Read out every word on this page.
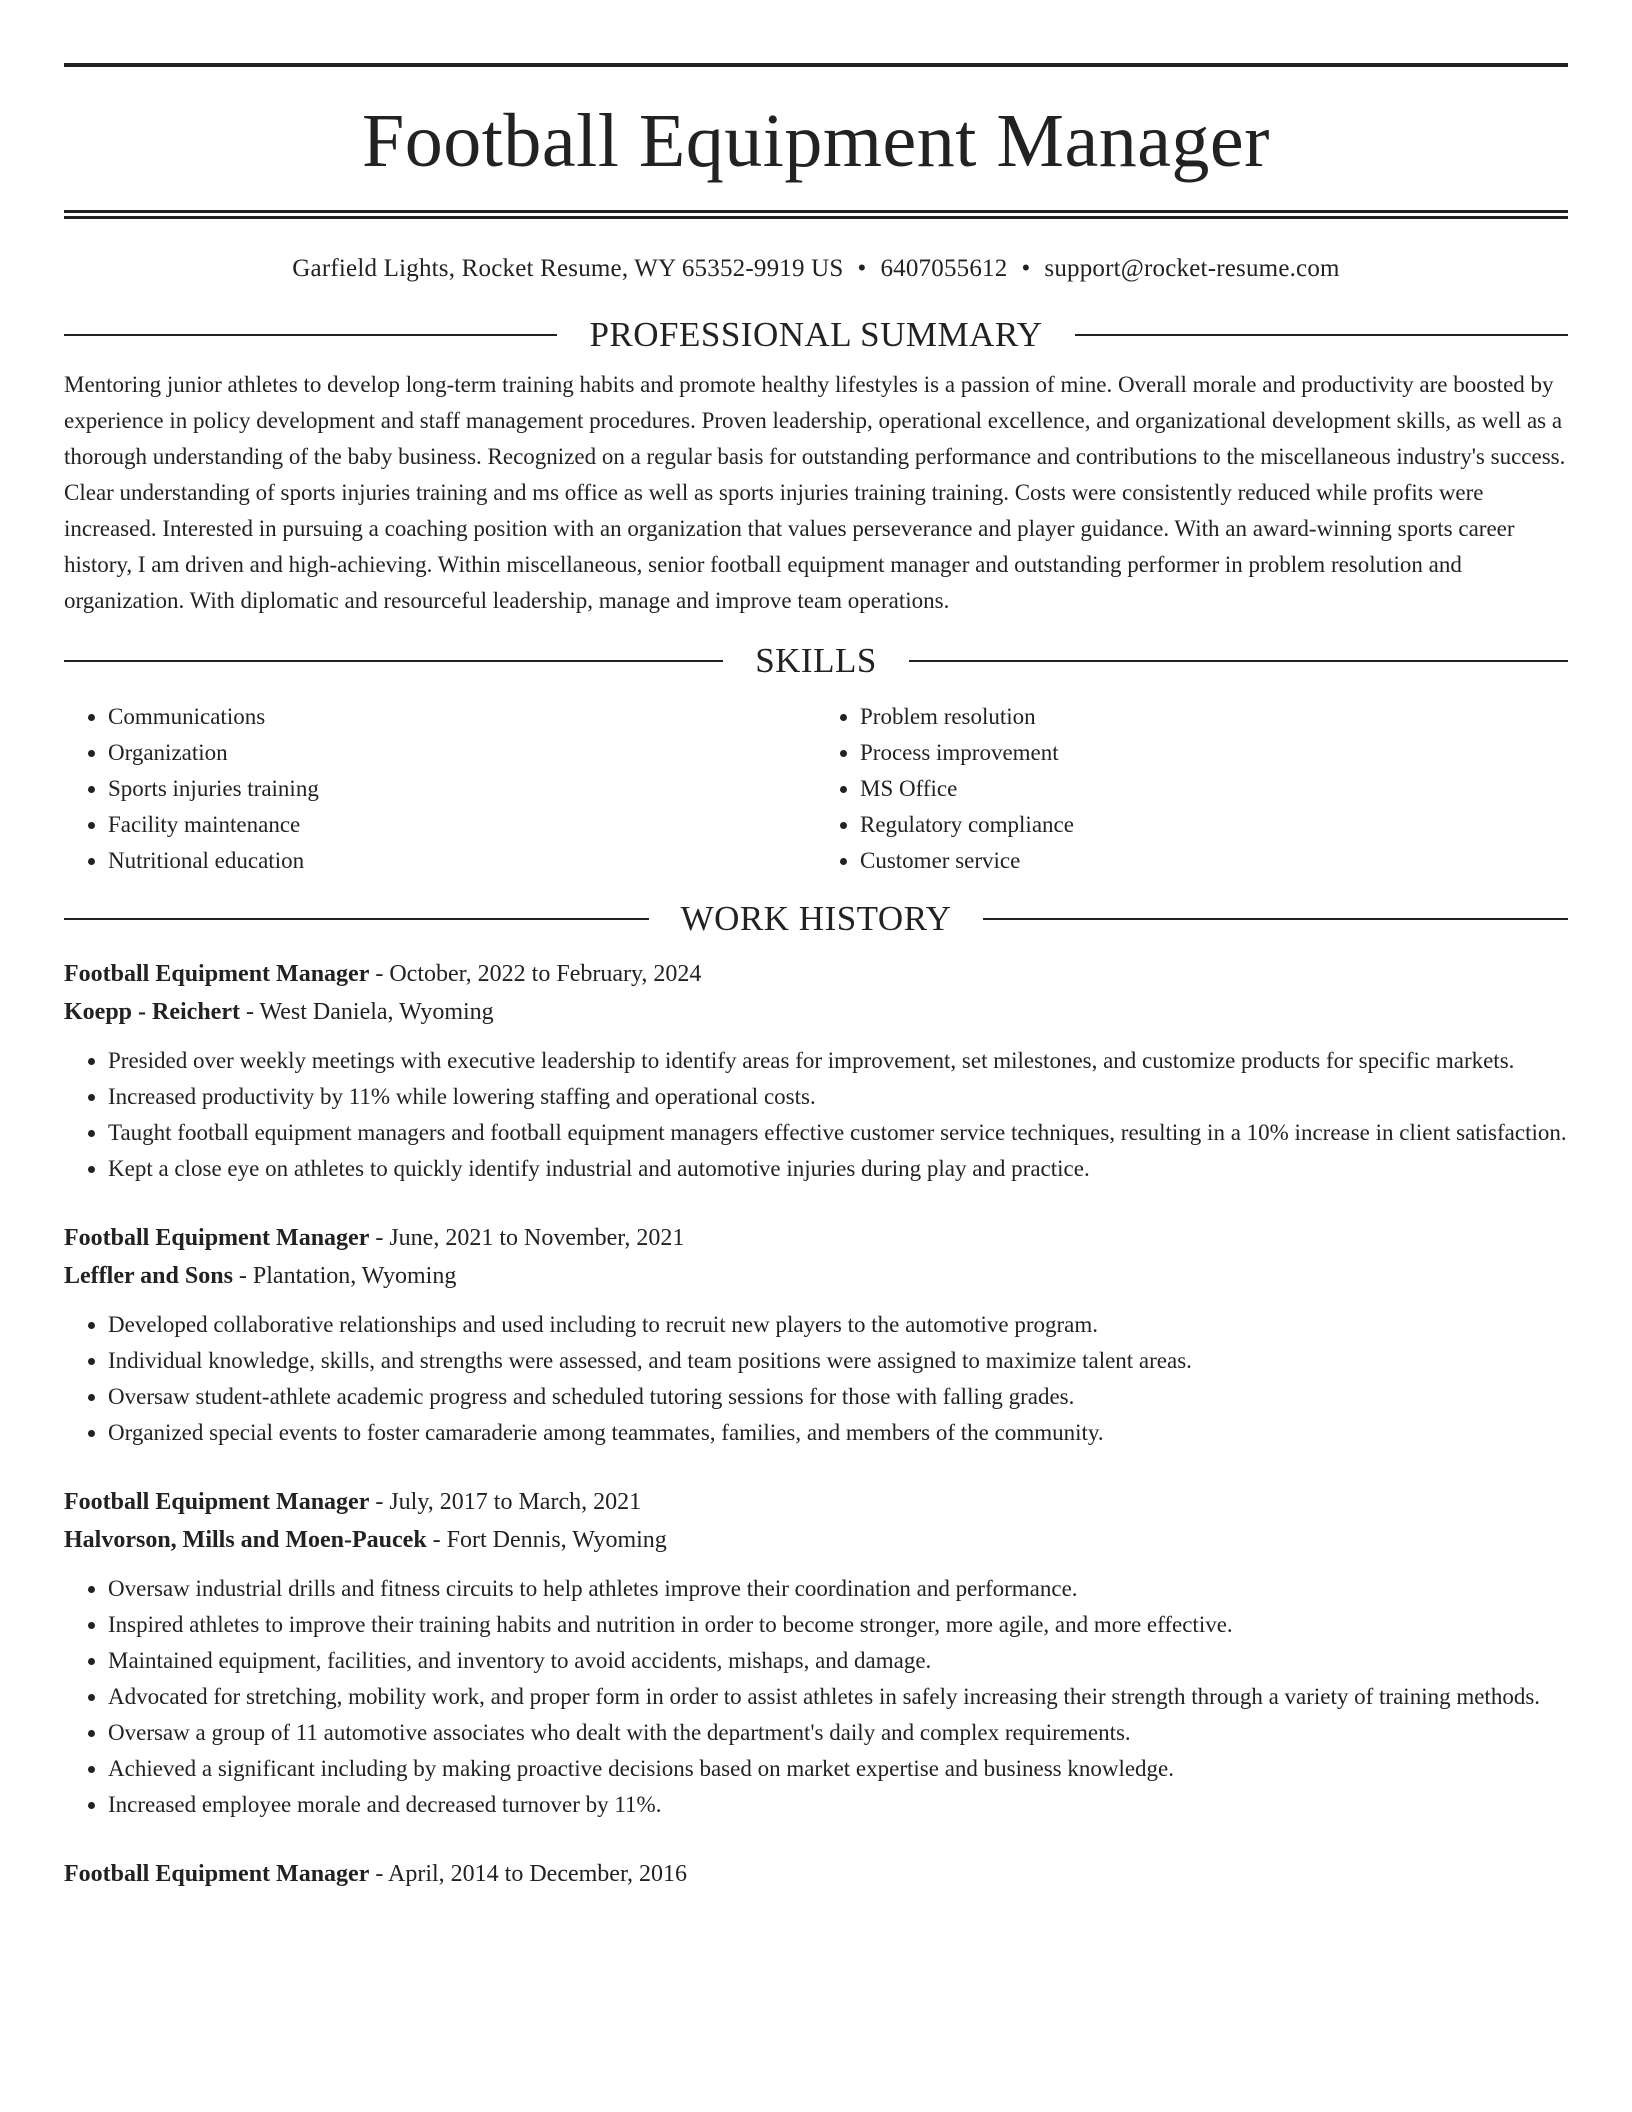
Football Equipment Manager
Garfield Lights, Rocket Resume, WY 65352-9919 US • 6407055612 • support@rocket-resume.com
PROFESSIONAL SUMMARY

Mentoring junior athletes to develop long-term training habits and promote healthy lifestyles is a passion of mine. Overall morale and productivity are boosted by experience in policy development and staff management procedures. Proven leadership, operational excellence, and organizational development skills, as well as a thorough understanding of the baby business. Recognized on a regular basis for outstanding performance and contributions to the miscellaneous industry's success. Clear understanding of sports injuries training and ms office as well as sports injuries training training. Costs were consistently reduced while profits were increased. Interested in pursuing a coaching position with an organization that values perseverance and player guidance. With an award-winning sports career history, I am driven and high-achieving. Within miscellaneous, senior football equipment manager and outstanding performer in problem resolution and organization. With diplomatic and resourceful leadership, manage and improve team operations.

SKILLS
• Communications
• Organization
• Sports injuries training
• Facility maintenance
• Nutritional education
• Problem resolution
• Process improvement
• MS Office
• Regulatory compliance
• Customer service
WORK HISTORY
Football Equipment Manager - October, 2022 to February, 2024
Koepp - Reichert - West Daniela, Wyoming
• Presided over weekly meetings with executive leadership to identify areas for improvement, set milestones, and customize products for specific markets.
• Increased productivity by 11% while lowering staffing and operational costs.
• Taught football equipment managers and football equipment managers effective customer service techniques, resulting in a 10% increase in client satisfaction.
• Kept a close eye on athletes to quickly identify industrial and automotive injuries during play and practice.
Football Equipment Manager - June, 2021 to November, 2021
Leffler and Sons - Plantation, Wyoming
• Developed collaborative relationships and used including to recruit new players to the automotive program.
• Individual knowledge, skills, and strengths were assessed, and team positions were assigned to maximize talent areas.
• Oversaw student-athlete academic progress and scheduled tutoring sessions for those with falling grades.
• Organized special events to foster camaraderie among teammates, families, and members of the community.
Football Equipment Manager - July, 2017 to March, 2021
Halvorson, Mills and Moen-Paucek - Fort Dennis, Wyoming
• Oversaw industrial drills and fitness circuits to help athletes improve their coordination and performance.
• Inspired athletes to improve their training habits and nutrition in order to become stronger, more agile, and more effective.
• Maintained equipment, facilities, and inventory to avoid accidents, mishaps, and damage.
• Advocated for stretching, mobility work, and proper form in order to assist athletes in safely increasing their strength through a variety of training methods.
• Oversaw a group of 11 automotive associates who dealt with the department's daily and complex requirements.
• Achieved a significant including by making proactive decisions based on market expertise and business knowledge.
• Increased employee morale and decreased turnover by 11%.
Football Equipment Manager - April, 2014 to December, 2016
